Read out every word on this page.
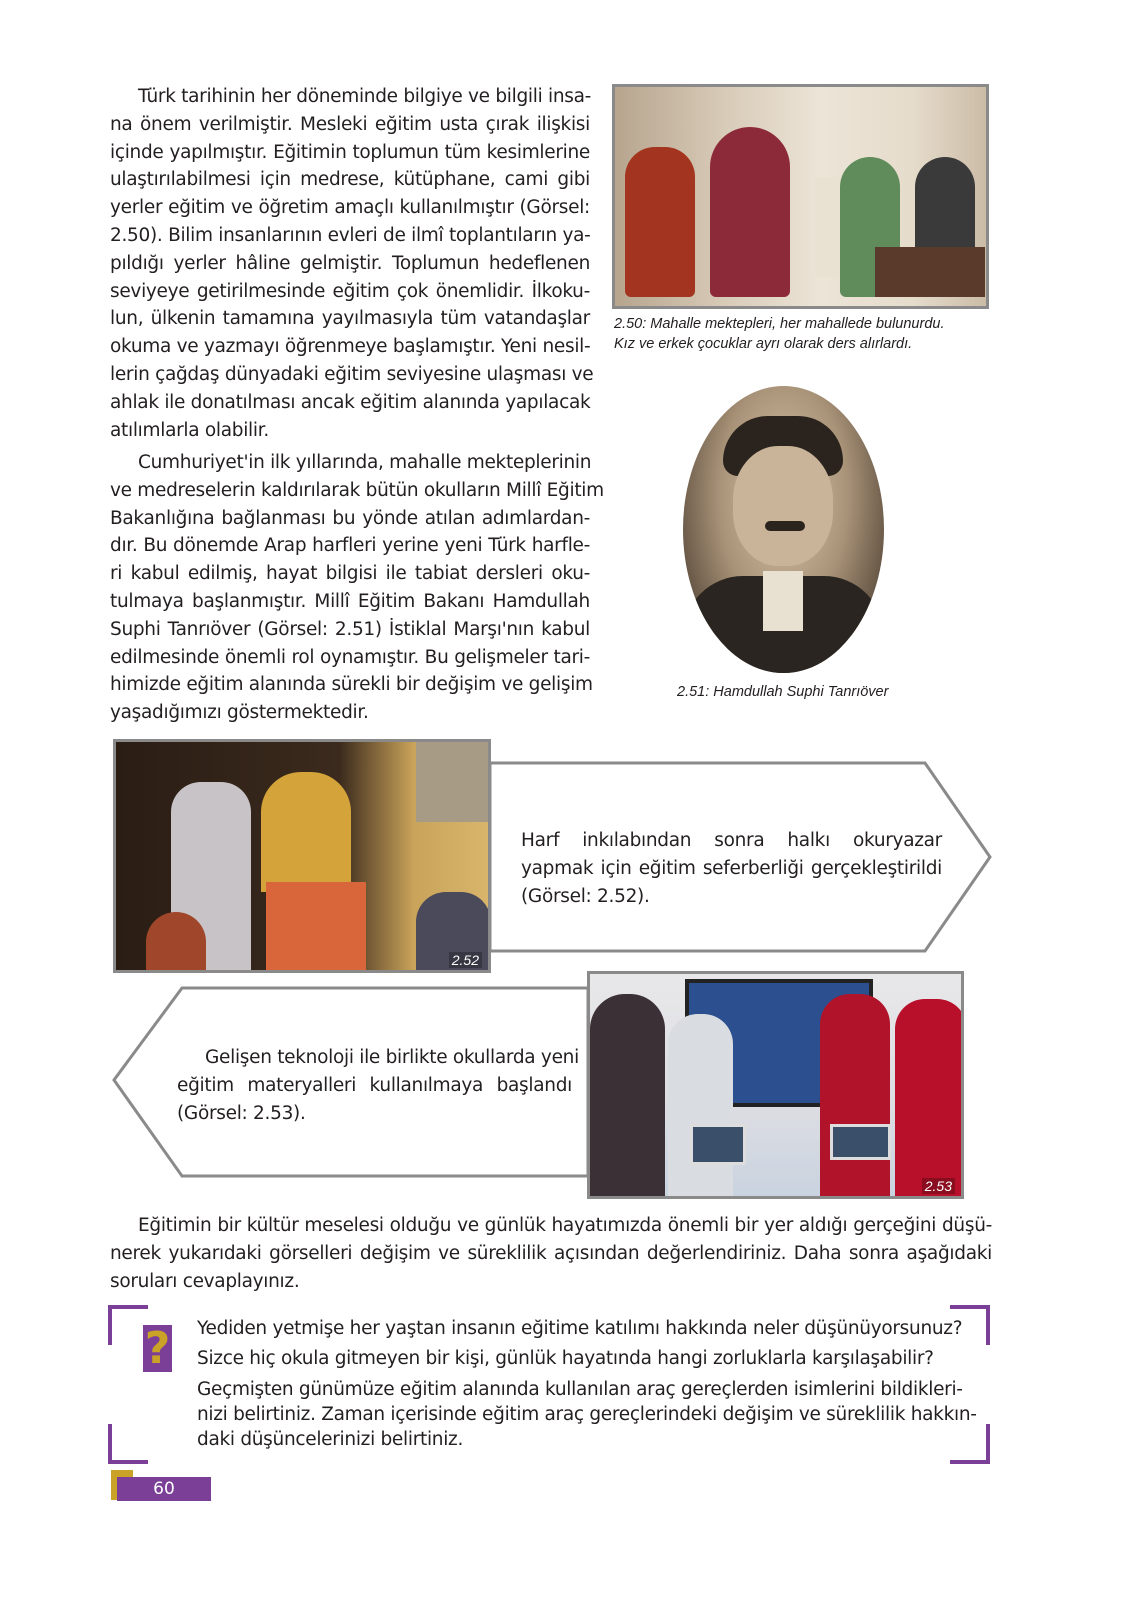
Türk tarihinin her döneminde bilgiye ve bilgili insa-
na önem verilmiştir. Mesleki eğitim usta çırak ilişkisi
içinde yapılmıştır. Eğitimin toplumun tüm kesimlerine
ulaştırılabilmesi için medrese, kütüphane, cami gibi
yerler eğitim ve öğretim amaçlı kullanılmıştır (Görsel:
2.50). Bilim insanlarının evleri de ilmî toplantıların ya-
pıldığı yerler hâline gelmiştir. Toplumun hedeflenen
seviyeye getirilmesinde eğitim çok önemlidir. İlkoku-
lun, ülkenin tamamına yayılmasıyla tüm vatandaşlar
okuma ve yazmayı öğrenmeye başlamıştır. Yeni nesil-
lerin çağdaş dünyadaki eğitim seviyesine ulaşması ve
ahlak ile donatılması ancak eğitim alanında yapılacak
atılımlarla olabilir.
Cumhuriyet'in ilk yıllarında, mahalle mekteplerinin
ve medreselerin kaldırılarak bütün okulların Millî Eğitim
Bakanlığına bağlanması bu yönde atılan adımlardan-
dır. Bu dönemde Arap harfleri yerine yeni Türk harfle-
ri kabul edilmiş, hayat bilgisi ile tabiat dersleri oku-
tulmaya başlanmıştır. Millî Eğitim Bakanı Hamdullah
Suphi Tanrıöver (Görsel: 2.51) İstiklal Marşı'nın kabul
edilmesinde önemli rol oynamıştır. Bu gelişmeler tari-
himizde eğitim alanında sürekli bir değişim ve gelişim
yaşadığımızı göstermektedir.
2.50: Mahalle mektepleri, her mahallede bulunurdu.
Kız ve erkek çocuklar ayrı olarak ders alırlardı.
2.51: Hamdullah Suphi Tanrıöver
2.52
Harf inkılabından sonra halkı okuryazar
yapmak için eğitim seferberliği gerçekleştirildi
(Görsel: 2.52).
Gelişen teknoloji ile birlikte okullarda yeni
eğitim materyalleri kullanılmaya başlandı
(Görsel: 2.53).
2.53
Eğitimin bir kültür meselesi olduğu ve günlük hayatımızda önemli bir yer aldığı gerçeğini düşü-
nerek yukarıdaki görselleri değişim ve süreklilik açısından değerlendiriniz. Daha sonra aşağıdaki
soruları cevaplayınız.
? Yediden yetmişe her yaştan insanın eğitime katılımı hakkında neler düşünüyorsunuz?
Sizce hiç okula gitmeyen bir kişi, günlük hayatında hangi zorluklarla karşılaşabilir?
Geçmişten günümüze eğitim alanında kullanılan araç gereçlerden isimlerini bildikleri-
nizi belirtiniz. Zaman içerisinde eğitim araç gereçlerindeki değişim ve süreklilik hakkın-
daki düşüncelerinizi belirtiniz.
60
